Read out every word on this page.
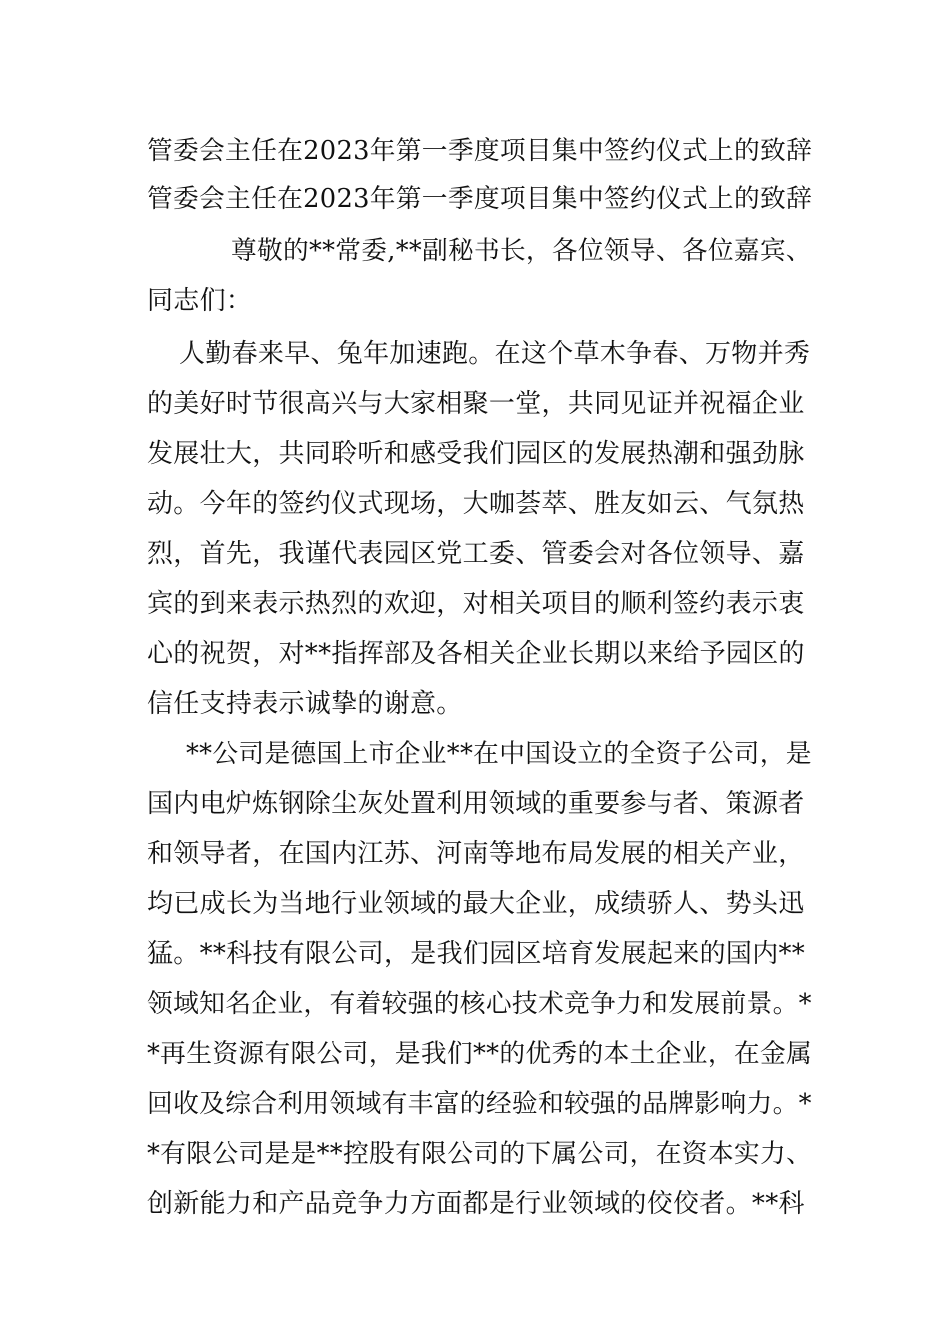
管委会主任在2023年第一季度项目集中签约仪式上的致辞
管委会主任在2023年第一季度项目集中签约仪式上的致辞
尊敬的**常委,**副秘书长，各位领导、各位嘉宾、
同志们：
人勤春来早、兔年加速跑。在这个草木争春、万物并秀
的美好时节很高兴与大家相聚一堂，共同见证并祝福企业
发展壮大，共同聆听和感受我们园区的发展热潮和强劲脉
动。今年的签约仪式现场，大咖荟萃、胜友如云、气氛热
烈，首先，我谨代表园区党工委、管委会对各位领导、嘉
宾的到来表示热烈的欢迎，对相关项目的顺利签约表示衷
心的祝贺，对**指挥部及各相关企业长期以来给予园区的
信任支持表示诚挚的谢意。
**公司是德国上市企业**在中国设立的全资子公司，是
国内电炉炼钢除尘灰处置利用领域的重要参与者、策源者
和领导者，在国内江苏、河南等地布局发展的相关产业，
均已成长为当地行业领域的最大企业，成绩骄人、势头迅
猛。**科技有限公司，是我们园区培育发展起来的国内**
领域知名企业，有着较强的核心技术竞争力和发展前景。*
*再生资源有限公司，是我们**的优秀的本土企业，在金属
回收及综合利用领域有丰富的经验和较强的品牌影响力。*
*有限公司是是**控股有限公司的下属公司，在资本实力、
创新能力和产品竞争力方面都是行业领域的佼佼者。**科
